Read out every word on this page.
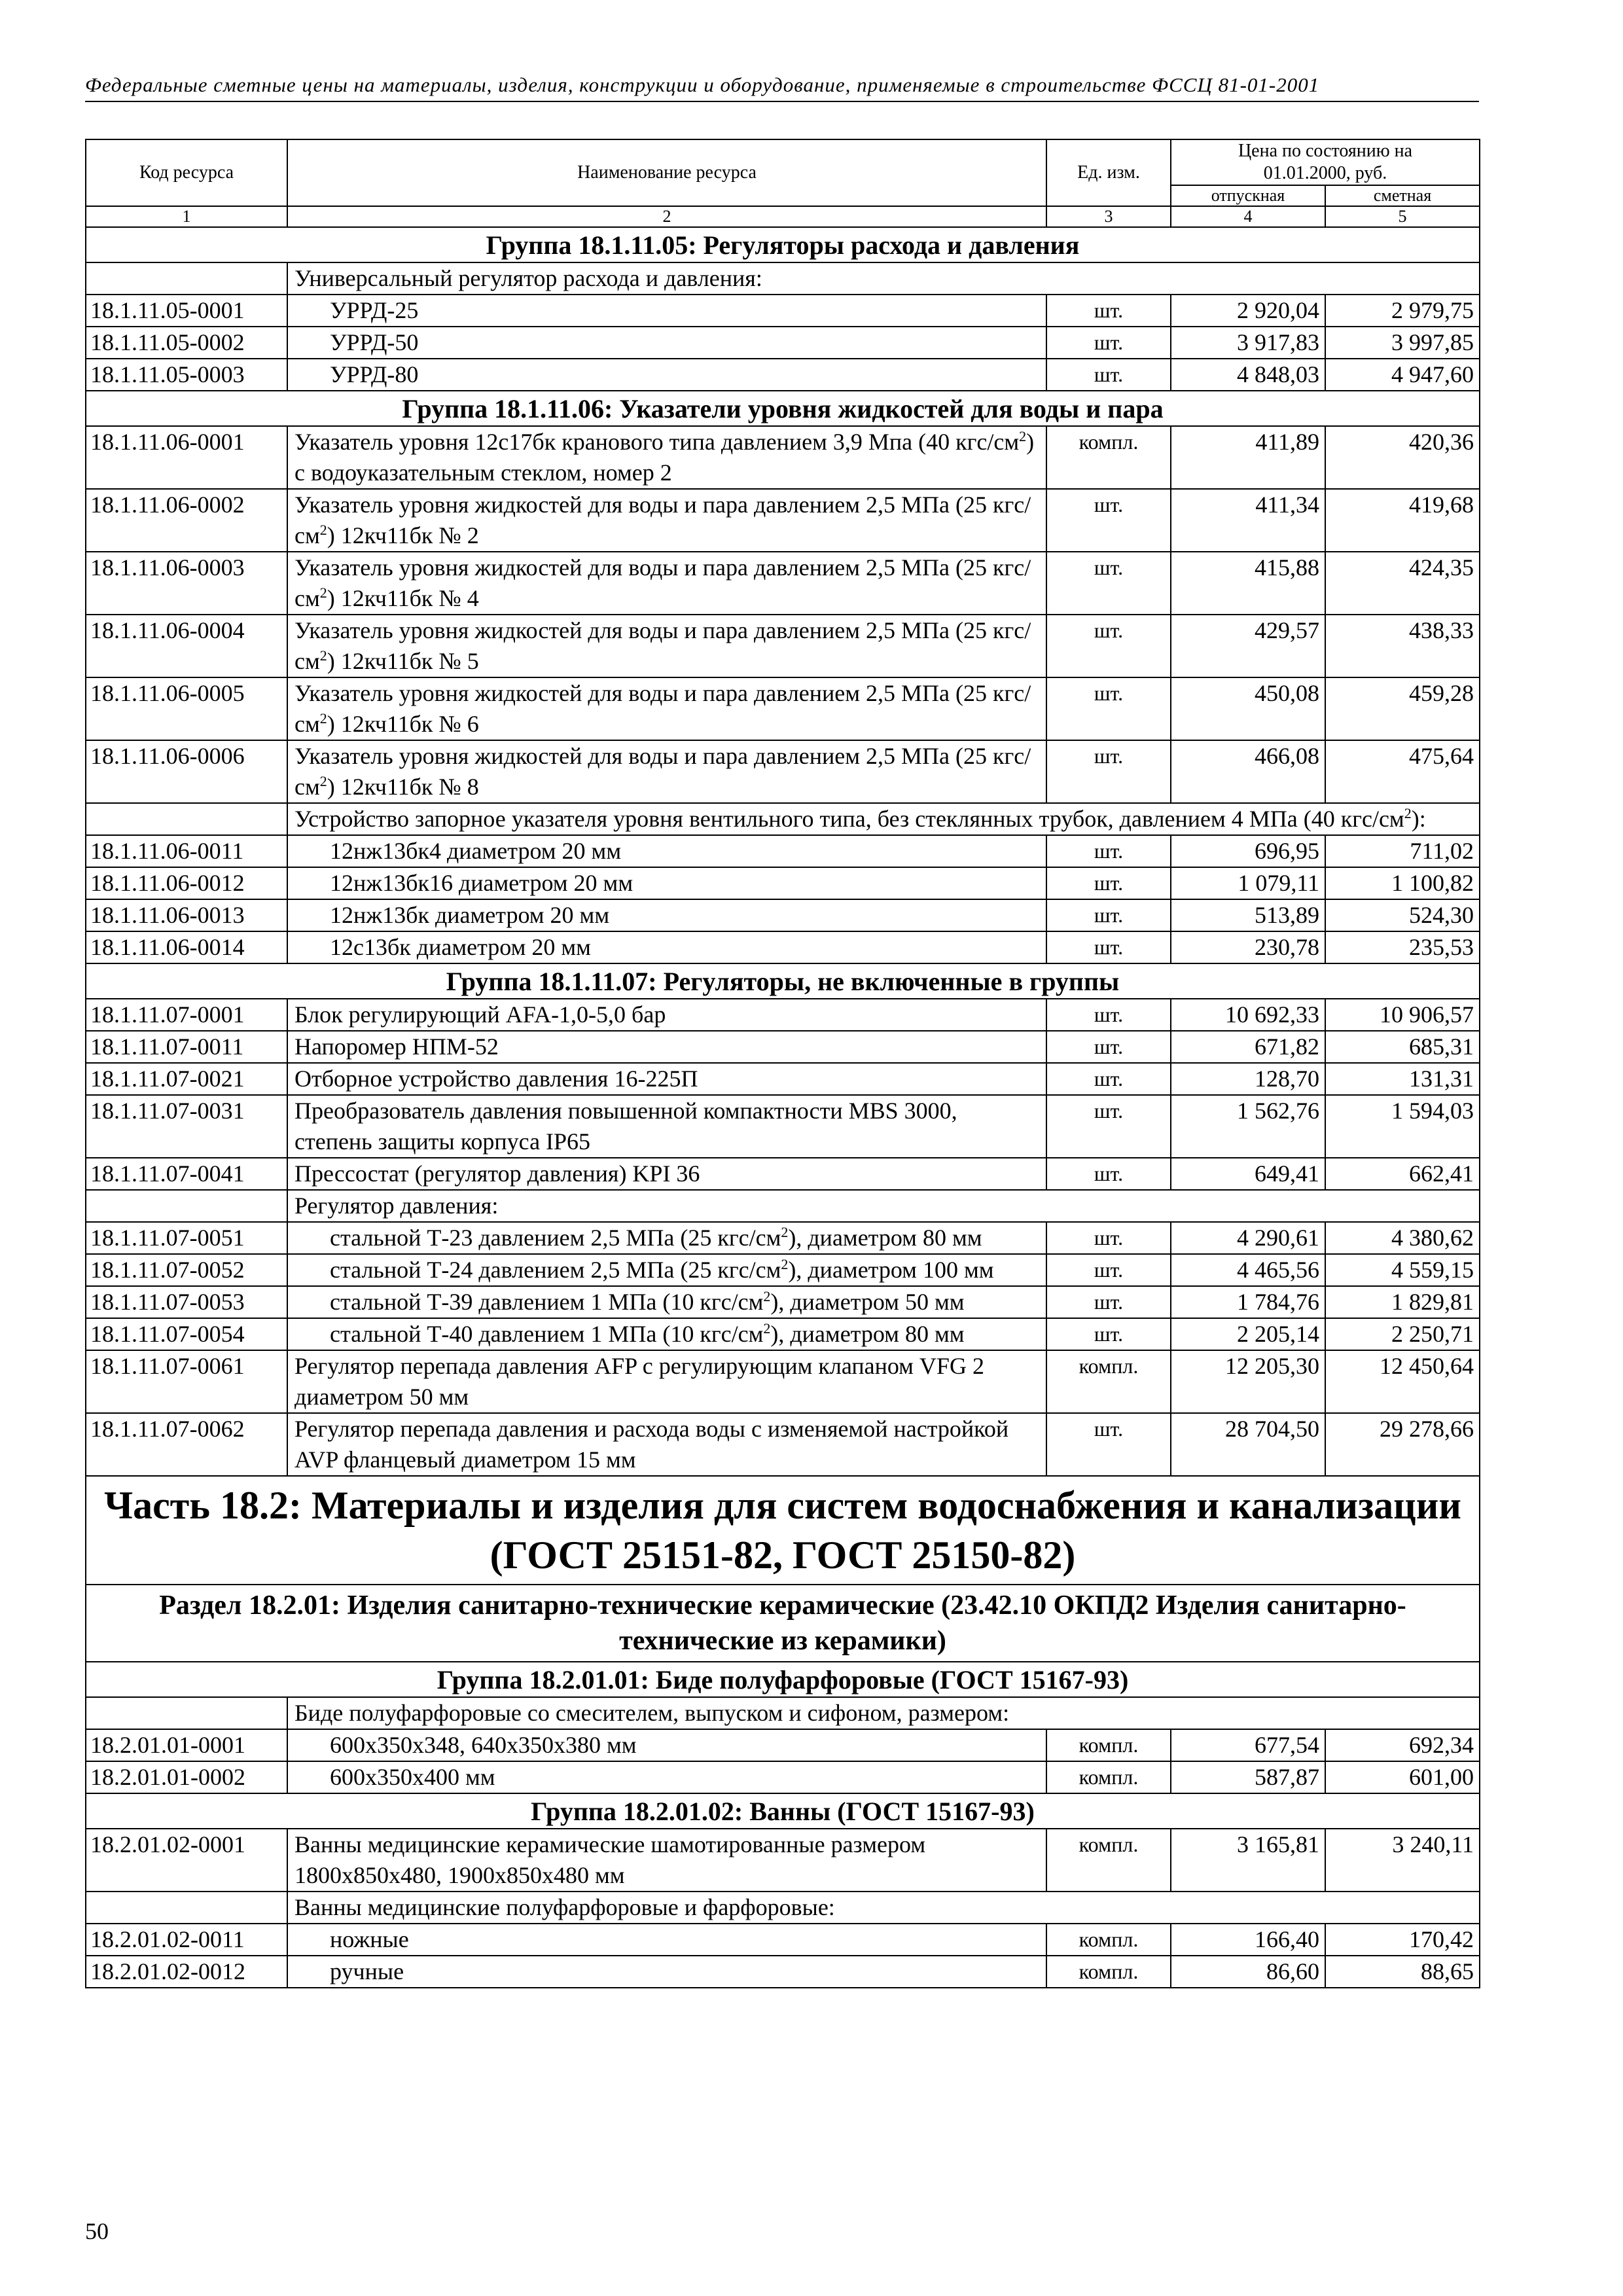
Федеральные сметные цены на материалы, изделия, конструкции и оборудование, применяемые в строительстве ФССЦ 81-01-2001
Код ресурса	Наименование ресурса	Ед. изм.	Цена по состоянию на 01.01.2000, руб.	
			отпускная	сметная
1	2	3	4	5
Группа 18.1.11.05: Регуляторы расхода и давления				
	Универсальный регулятор расхода и давления:			
18.1.11.05-0001	УРРД-25	шт.	2 920,04	2 979,75
18.1.11.05-0002	УРРД-50	шт.	3 917,83	3 997,85
18.1.11.05-0003	УРРД-80	шт.	4 848,03	4 947,60
Группа 18.1.11.06: Указатели уровня жидкостей для воды и пара				
18.1.11.06-0001	Указатель уровня 12с17бк кранового типа давлением 3,9 Мпа (40 кгс/$см^2$) с водоуказательным стеклом, номер 2	компл.	411,89	420,36
18.1.11.06-0002	Указатель уровня жидкостей для воды и пара давлением 2,5 МПа (25 кгс/$см^2$) 12кч11бк № 2	шт.	411,34	419,68
18.1.11.06-0003	Указатель уровня жидкостей для воды и пара давлением 2,5 МПа (25 кгс/$см^2$) 12кч11бк № 4	шт.	415,88	424,35
18.1.11.06-0004	Указатель уровня жидкостей для воды и пара давлением 2,5 МПа (25 кгс/$см^2$) 12кч11бк № 5	шт.	429,57	438,33
18.1.11.06-0005	Указатель уровня жидкостей для воды и пара давлением 2,5 МПа (25 кгс/$см^2$) 12кч11бк № 6	шт.	450,08	459,28
18.1.11.06-0006	Указатель уровня жидкостей для воды и пара давлением 2,5 МПа (25 кгс/$см^2$) 12кч11бк № 8	шт.	466,08	475,64
	Устройство запорное указателя уровня вентильного типа, без стеклянных трубок, давлением 4 МПа (40 кгс/$см^2$):			
18.1.11.06-0011	12нж13бк4 диаметром 20 мм	шт.	696,95	711,02
18.1.11.06-0012	12нж13бк16 диаметром 20 мм	шт.	1 079,11	1 100,82
18.1.11.06-0013	12нж13бк диаметром 20 мм	шт.	513,89	524,30
18.1.11.06-0014	12с13бк диаметром 20 мм	шт.	230,78	235,53
Группа 18.1.11.07: Регуляторы, не включенные в группы				
18.1.11.07-0001	Блок регулирующий AFA-1,0-5,0 бар	шт.	10 692,33	10 906,57
18.1.11.07-0011	Напоромер НПМ-52	шт.	671,82	685,31
18.1.11.07-0021	Отборное устройство давления 16-225П	шт.	128,70	131,31
18.1.11.07-0031	Преобразователь давления повышенной компактности MBS 3000, степень защиты корпуса IP65	шт.	1 562,76	1 594,03
18.1.11.07-0041	Прессостат (регулятор давления) KPI 36	шт.	649,41	662,41
	Регулятор давления:			
18.1.11.07-0051	стальной Т-23 давлением 2,5 МПа (25 кгс/$см^2$), диаметром 80 мм	шт.	4 290,61	4 380,62
18.1.11.07-0052	стальной Т-24 давлением 2,5 МПа (25 кгс/$см^2$), диаметром 100 мм	шт.	4 465,56	4 559,15
18.1.11.07-0053	стальной Т-39 давлением 1 МПа (10 кгс/$см^2$), диаметром 50 мм	шт.	1 784,76	1 829,81
18.1.11.07-0054	стальной Т-40 давлением 1 МПа (10 кгс/$см^2$), диаметром 80 мм	шт.	2 205,14	2 250,71
18.1.11.07-0061	Регулятор перепада давления AFP с регулирующим клапаном VFG 2 диаметром 50 мм	компл.	12 205,30	12 450,64
18.1.11.07-0062	Регулятор перепада давления и расхода воды с изменяемой настройкой AVP фланцевый диаметром 15 мм	шт.	28 704,50	29 278,66
Часть 18.2: Материалы и изделия для систем водоснабжения и канализации (ГОСТ 25151-82, ГОСТ 25150-82)				
Раздел 18.2.01: Изделия санитарно-технические керамические (23.42.10 ОКПД2 Изделия санитарно-технические из керамики)				
Группа 18.2.01.01: Биде полуфарфоровые (ГОСТ 15167-93)				
	Биде полуфарфоровые со смесителем, выпуском и сифоном, размером:			
18.2.01.01-0001	600х350х348, 640х350х380 мм	компл.	677,54	692,34
18.2.01.01-0002	600х350х400 мм	компл.	587,87	601,00
Группа 18.2.01.02: Ванны (ГОСТ 15167-93)				
18.2.01.02-0001	Ванны медицинские керамические шамотированные размером 1800х850х480, 1900х850х480 мм	компл.	3 165,81	3 240,11
	Ванны медицинские полуфарфоровые и фарфоровые:			
18.2.01.02-0011	ножные	компл.	166,40	170,42
18.2.01.02-0012	ручные	компл.	86,60	88,65
50
